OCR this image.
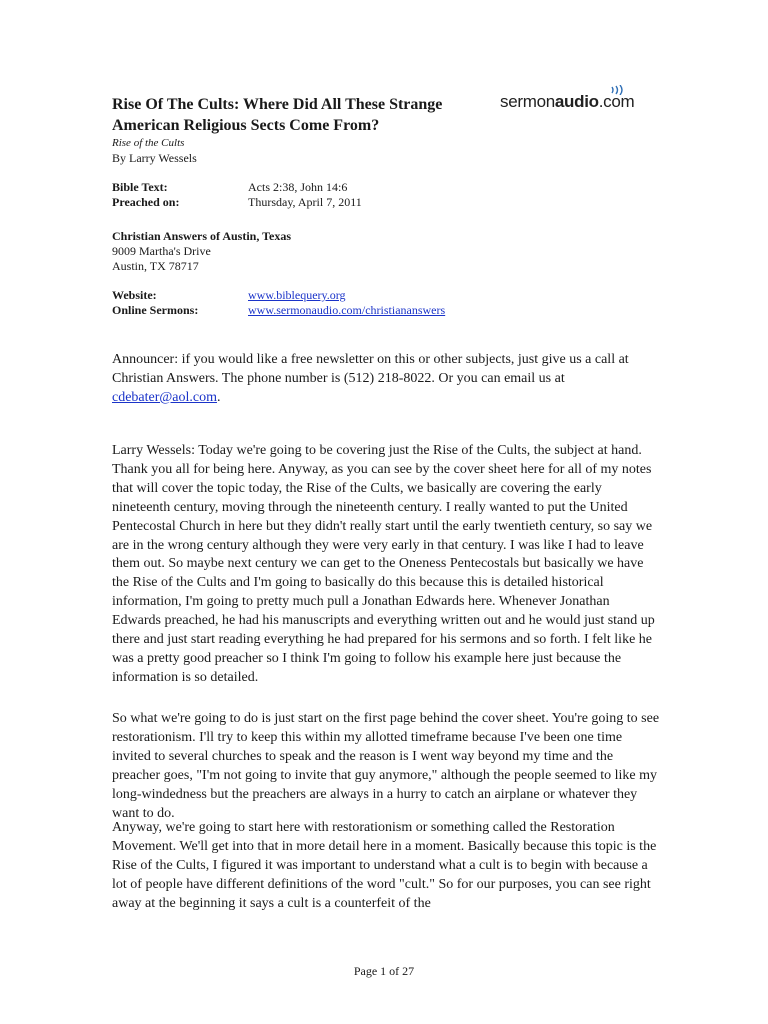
Rise Of The Cults: Where Did All These Strange American Religious Sects Come From?
sermonaudio.com
Rise of the Cults
By Larry Wessels
Bible Text:	Acts 2:38, John 14:6
Preached on:	Thursday, April 7, 2011
Christian Answers of Austin, Texas
9009 Martha's Drive
Austin, TX 78717
Website:	www.biblequery.org
Online Sermons:	www.sermonaudio.com/christiananswers

Announcer: if you would like a free newsletter on this or other subjects, just give us a call at Christian Answers. The phone number is (512) 218-8022. Or you can email us at cdebater@aol.com.

Larry Wessels: Today we're going to be covering just the Rise of the Cults, the subject at hand. Thank you all for being here. Anyway, as you can see by the cover sheet here for all of my notes that will cover the topic today, the Rise of the Cults, we basically are covering the early nineteenth century, moving through the nineteenth century. I really wanted to put the United Pentecostal Church in here but they didn't really start until the early twentieth century, so say we are in the wrong century although they were very early in that century. I was like I had to leave them out. So maybe next century we can get to the Oneness Pentecostals but basically we have the Rise of the Cults and I'm going to basically do this because this is detailed historical information, I'm going to pretty much pull a Jonathan Edwards here. Whenever Jonathan Edwards preached, he had his manuscripts and everything written out and he would just stand up there and just start reading everything he had prepared for his sermons and so forth. I felt like he was a pretty good preacher so I think I'm going to follow his example here just because the information is so detailed.

So what we're going to do is just start on the first page behind the cover sheet. You're going to see restorationism. I'll try to keep this within my allotted timeframe because I've been one time invited to several churches to speak and the reason is I went way beyond my time and the preacher goes, "I'm not going to invite that guy anymore," although the people seemed to like my long-windedness but the preachers are always in a hurry to catch an airplane or whatever they want to do.

Anyway, we're going to start here with restorationism or something called the Restoration Movement. We'll get into that in more detail here in a moment. Basically because this topic is the Rise of the Cults, I figured it was important to understand what a cult is to begin with because a lot of people have different definitions of the word "cult." So for our purposes, you can see right away at the beginning it says a cult is a counterfeit of the

Page 1 of 27
